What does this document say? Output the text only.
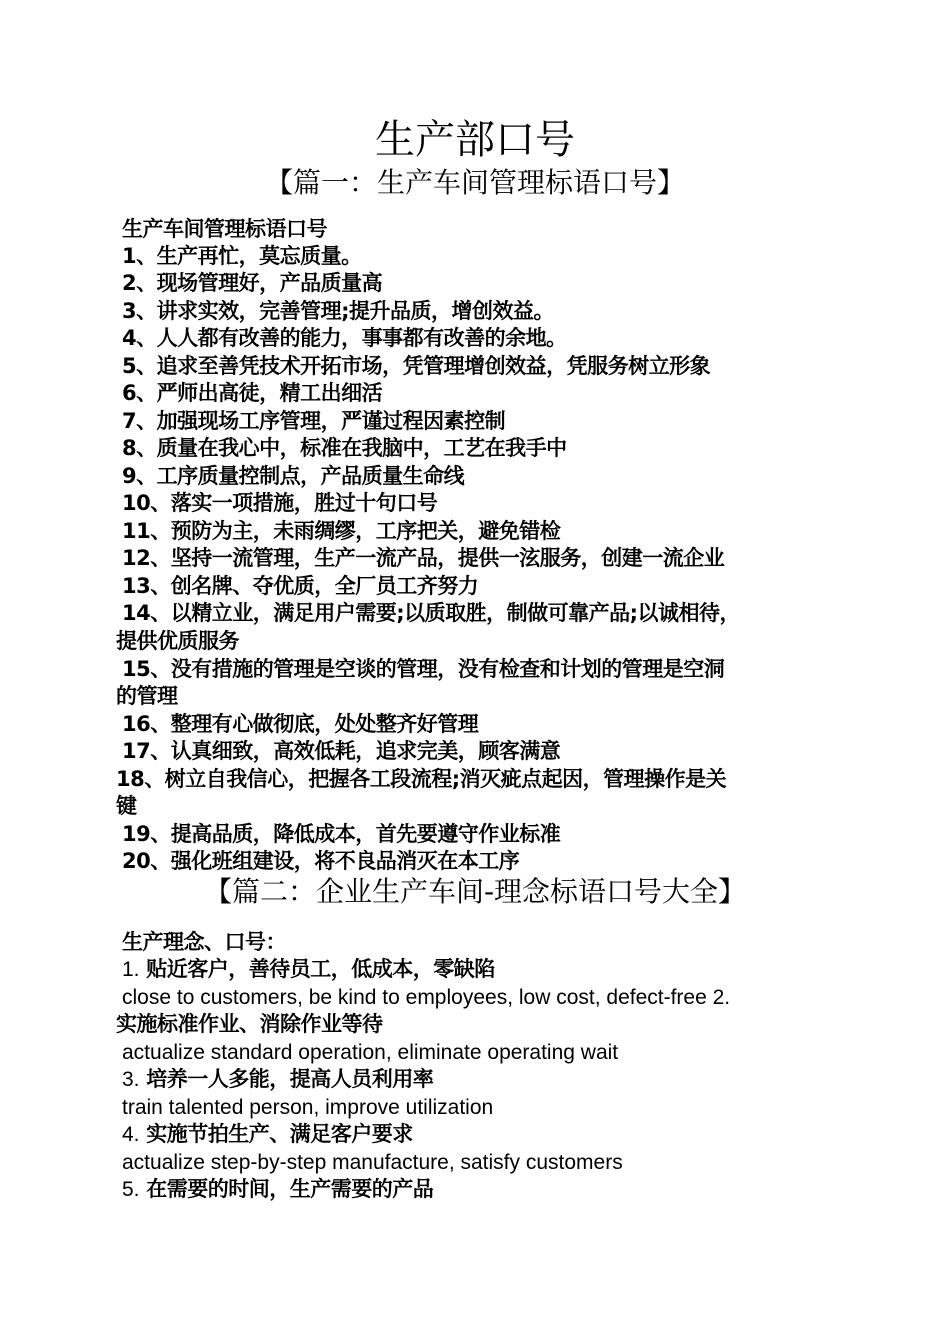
生产部口号
【篇一：生产车间管理标语口号】

生产车间管理标语口号

1、生产再忙，莫忘质量。

2、现场管理好，产品质量高

3、讲求实效，完善管理;提升品质，增创效益。

4、人人都有改善的能力，事事都有改善的余地。

5、追求至善凭技术开拓市场，凭管理增创效益，凭服务树立形象

6、严师出高徒，精工出细活

7、加强现场工序管理，严谨过程因素控制

8、质量在我心中，标准在我脑中，工艺在我手中

9、工序质量控制点，产品质量生命线

10、落实一项措施，胜过十句口号

11、预防为主，未雨绸缪，工序把关，避免错检

12、坚持一流管理，生产一流产品，提供一泫服务，创建一流企业

13、创名牌、夺优质，全厂员工齐努力

14、以精立业，满足用户需要;以质取胜，制做可靠产品;以诚相待，

提供优质服务

15、没有措施的管理是空谈的管理，没有检查和计划的管理是空洞

的管理

16、整理有心做彻底，处处整齐好管理

17、认真细致，高效低耗，追求完美，顾客满意

18、树立自我信心，把握各工段流程;消灭疵点起因，管理操作是关

键

19、提高品质，降低成本，首先要遵守作业标准

20、强化班组建设，将不良品消灭在本工序

【篇二：企业生产车间-理念标语口号大全】

生产理念、口号：

1. 贴近客户，善待员工，低成本，零缺陷

close to customers, be kind to employees, low cost, defect-free 2.

实施标准作业、消除作业等待

actualize standard operation, eliminate operating wait

3. 培养一人多能，提高人员利用率

train talented person, improve utilization

4. 实施节拍生产、满足客户要求

actualize step-by-step manufacture, satisfy customers

5. 在需要的时间，生产需要的产品
